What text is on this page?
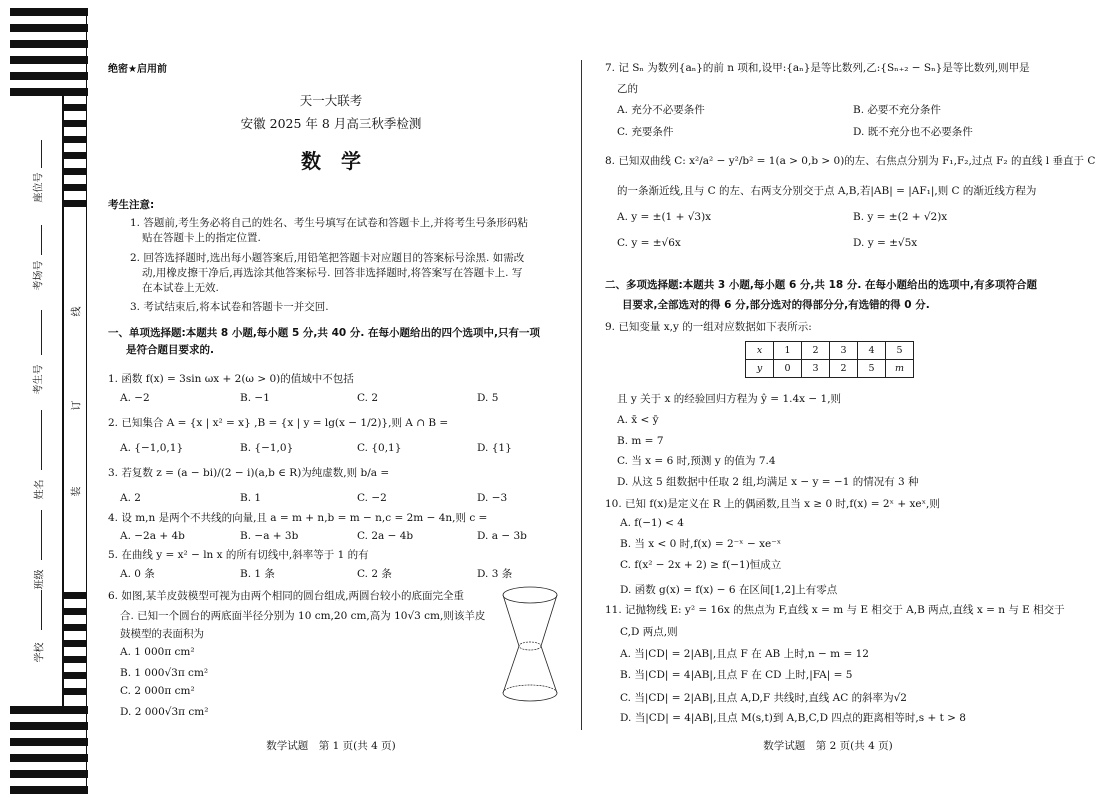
座位号
考场号
考生号
姓名
班级
学校
线
订
装
绝密★启用前
天一大联考
安徽 2025 年 8 月高三秋季检测
数　学
考生注意:
1. 答题前,考生务必将自己的姓名、考生号填写在试卷和答题卡上,并将考生号条形码粘
贴在答题卡上的指定位置.
2. 回答选择题时,选出每小题答案后,用铅笔把答题卡对应题目的答案标号涂黑. 如需改
动,用橡皮擦干净后,再选涂其他答案标号. 回答非选择题时,将答案写在答题卡上. 写
在本试卷上无效.
3. 考试结束后,将本试卷和答题卡一并交回.
一、单项选择题:本题共 8 小题,每小题 5 分,共 40 分. 在每小题给出的四个选项中,只有一项
是符合题目要求的.
1. 函数 f(x) = 3sin ωx + 2(ω > 0)的值域中不包括
A. −2	B. −1	C. 2	D. 5
2. 已知集合 A = {x | x² = x} ,B = {x | y = lg(x − 1/2)},则 A ∩ B =
A. {−1,0,1}	B. {−1,0}	C. {0,1}	D. {1}
3. 若复数 z = (a − bi)/(2 − i)(a,b ∈ R)为纯虚数,则 b/a =
A. 2	B. 1	C. −2	D. −3
4. 设 m,n 是两个不共线的向量,且 a = m + n,b = m − n,c = 2m − 4n,则 c =
A. −2a + 4b	B. −a + 3b	C. 2a − 4b	D. a − 3b
5. 在曲线 y = x² − ln x 的所有切线中,斜率等于 1 的有
A. 0 条	B. 1 条	C. 2 条	D. 3 条
6. 如图,某羊皮鼓模型可视为由两个相同的圆台组成,两圆台较小的底面完全重
合. 已知一个圆台的两底面半径分别为 10 cm,20 cm,高为 10√3 cm,则该羊皮
鼓模型的表面积为
A. 1 000π cm²
B. 1 000√3π cm²
C. 2 000π cm²
D. 2 000√3π cm²
数学试题　第 1 页(共 4 页)
7. 记 Sₙ 为数列{aₙ}的前 n 项和,设甲:{aₙ}是等比数列,乙:{Sₙ₊₂ − Sₙ}是等比数列,则甲是
乙的
A. 充分不必要条件	B. 必要不充分条件
C. 充要条件	D. 既不充分也不必要条件
8. 已知双曲线 C: x²/a² − y²/b² = 1(a > 0,b > 0)的左、右焦点分别为 F₁,F₂,过点 F₂ 的直线 l 垂直于 C
的一条渐近线,且与 C 的左、右两支分别交于点 A,B,若|AB| = |AF₁|,则 C 的渐近线方程为
A. y = ±(1 + √3)x	B. y = ±(2 + √2)x
C. y = ±√6x	D. y = ±√5x
二、多项选择题:本题共 3 小题,每小题 6 分,共 18 分. 在每小题给出的选项中,有多项符合题
目要求,全部选对的得 6 分,部分选对的得部分分,有选错的得 0 分.
9. 已知变量 x,y 的一组对应数据如下表所示:
x	1	2	3	4	5
y	0	3	2	5	m
且 y 关于 x 的经验回归方程为 ŷ = 1.4x − 1,则
A. x̄ < ȳ
B. m = 7
C. 当 x = 6 时,预测 y 的值为 7.4
D. 从这 5 组数据中任取 2 组,均满足 x − y = −1 的情况有 3 种
10. 已知 f(x)是定义在 R 上的偶函数,且当 x ≥ 0 时,f(x) = 2ˣ + xeˣ,则
A. f(−1) < 4
B. 当 x < 0 时,f(x) = 2⁻ˣ − xe⁻ˣ
C. f(x² − 2x + 2) ≥ f(−1)恒成立
D. 函数 g(x) = f(x) − 6 在区间[1,2]上有零点
11. 记抛物线 E: y² = 16x 的焦点为 F,直线 x = m 与 E 相交于 A,B 两点,直线 x = n 与 E 相交于
C,D 两点,则
A. 当|CD| = 2|AB|,且点 F 在 AB 上时,n − m = 12
B. 当|CD| = 4|AB|,且点 F 在 CD 上时,|FA| = 5
C. 当|CD| = 2|AB|,且点 A,D,F 共线时,直线 AC 的斜率为√2
D. 当|CD| = 4|AB|,且点 M(s,t)到 A,B,C,D 四点的距离相等时,s + t > 8
数学试题　第 2 页(共 4 页)
